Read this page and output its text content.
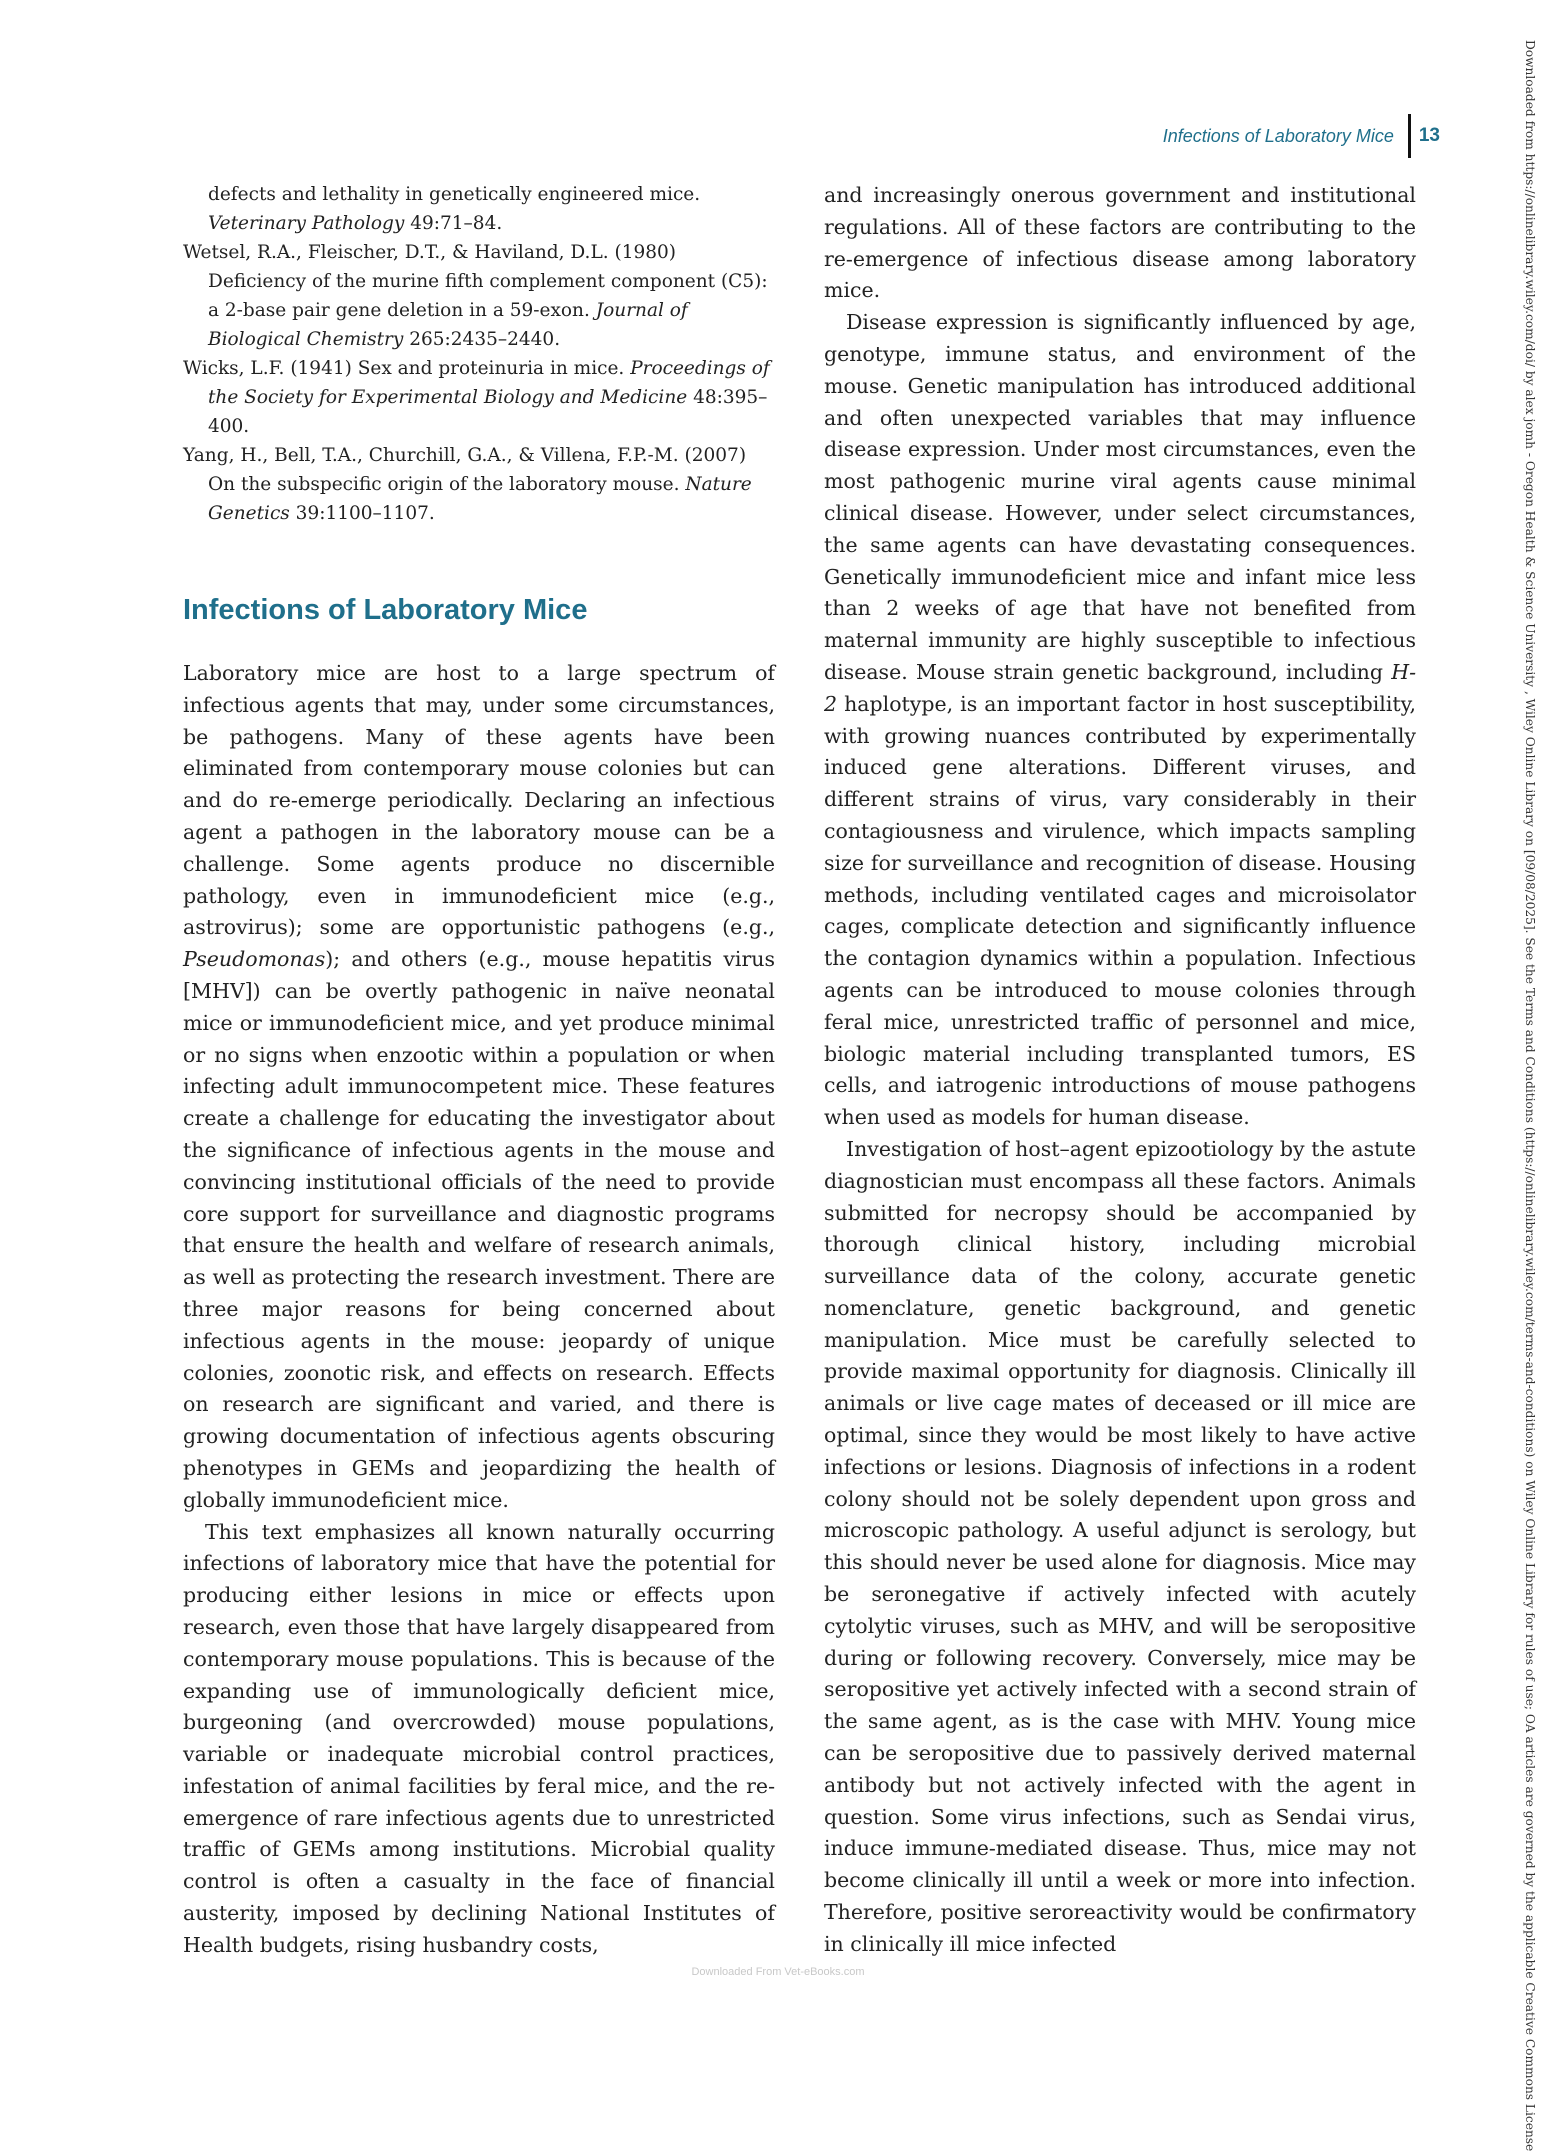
Infections of Laboratory Mice	13

defects and lethality in genetically engineered mice. Veterinary Pathology 49:71–84.

Wetsel, R.A., Fleischer, D.T., & Haviland, D.L. (1980) Deficiency of the murine fifth complement component (C5): a 2-base pair gene deletion in a 59-exon. Journal of Biological Chemistry 265:2435–2440.

Wicks, L.F. (1941) Sex and proteinuria in mice. Proceedings of the Society for Experimental Biology and Medicine 48:395–400.

Yang, H., Bell, T.A., Churchill, G.A., & Villena, F.P.-M. (2007) On the subspecific origin of the laboratory mouse. Nature Genetics 39:1100–1107.

Infections of Laboratory Mice

Laboratory mice are host to a large spectrum of infectious agents that may, under some circumstances, be pathogens. Many of these agents have been eliminated from contemporary mouse colonies but can and do re-emerge periodically. Declaring an infectious agent a pathogen in the laboratory mouse can be a challenge. Some agents produce no discernible pathology, even in immunodeficient mice (e.g., astrovirus); some are opportunistic pathogens (e.g., Pseudomonas); and others (e.g., mouse hepatitis virus [MHV]) can be overtly pathogenic in naïve neonatal mice or immunodeficient mice, and yet produce minimal or no signs when enzootic within a population or when infecting adult immunocompetent mice. These features create a challenge for educating the investigator about the significance of infectious agents in the mouse and convincing institutional officials of the need to provide core support for surveillance and diagnostic programs that ensure the health and welfare of research animals, as well as protecting the research investment. There are three major reasons for being concerned about infectious agents in the mouse: jeopardy of unique colonies, zoonotic risk, and effects on research. Effects on research are significant and varied, and there is growing documentation of infectious agents obscuring phenotypes in GEMs and jeopardizing the health of globally immunodeficient mice.

This text emphasizes all known naturally occurring infections of laboratory mice that have the potential for producing either lesions in mice or effects upon research, even those that have largely disappeared from contemporary mouse populations. This is because of the expanding use of immunologically deficient mice, burgeoning (and overcrowded) mouse populations, variable or inadequate microbial control practices, infestation of animal facilities by feral mice, and the re-emergence of rare infectious agents due to unrestricted traffic of GEMs among institutions. Microbial quality control is often a casualty in the face of financial austerity, imposed by declining National Institutes of Health budgets, rising husbandry costs,

and increasingly onerous government and institutional regulations. All of these factors are contributing to the re-emergence of infectious disease among laboratory mice.

Disease expression is significantly influenced by age, genotype, immune status, and environment of the mouse. Genetic manipulation has introduced additional and often unexpected variables that may influence disease expression. Under most circumstances, even the most pathogenic murine viral agents cause minimal clinical disease. However, under select circumstances, the same agents can have devastating consequences. Genetically immunodeficient mice and infant mice less than 2 weeks of age that have not benefited from maternal immunity are highly susceptible to infectious disease. Mouse strain genetic background, including H-2 haplotype, is an important factor in host susceptibility, with growing nuances contributed by experimentally induced gene alterations. Different viruses, and different strains of virus, vary considerably in their contagiousness and virulence, which impacts sampling size for surveillance and recognition of disease. Housing methods, including ventilated cages and microisolator cages, complicate detection and significantly influence the contagion dynamics within a population. Infectious agents can be introduced to mouse colonies through feral mice, unrestricted traffic of personnel and mice, biologic material including transplanted tumors, ES cells, and iatrogenic introductions of mouse pathogens when used as models for human disease.

Investigation of host–agent epizootiology by the astute diagnostician must encompass all these factors. Animals submitted for necropsy should be accompanied by thorough clinical history, including microbial surveillance data of the colony, accurate genetic nomenclature, genetic background, and genetic manipulation. Mice must be carefully selected to provide maximal opportunity for diagnosis. Clinically ill animals or live cage mates of deceased or ill mice are optimal, since they would be most likely to have active infections or lesions. Diagnosis of infections in a rodent colony should not be solely dependent upon gross and microscopic pathology. A useful adjunct is serology, but this should never be used alone for diagnosis. Mice may be seronegative if actively infected with acutely cytolytic viruses, such as MHV, and will be seropositive during or following recovery. Conversely, mice may be seropositive yet actively infected with a second strain of the same agent, as is the case with MHV. Young mice can be seropositive due to passively derived maternal antibody but not actively infected with the agent in question. Some virus infections, such as Sendai virus, induce immune-mediated disease. Thus, mice may not become clinically ill until a week or more into infection. Therefore, positive seroreactivity would be confirmatory in clinically ill mice infected	Downloaded from https://onlinelibrary.wiley.com/doi/ by alex jomh - Oregon Health & Science University , Wiley Online Library on [09/08/2025]. See the Terms and Conditions (https://onlinelibrary.wiley.com/terms-and-conditions) on Wiley Online Library for rules of use; OA articles are governed by the applicable Creative Commons License
Downloaded From Vet-eBooks.com
